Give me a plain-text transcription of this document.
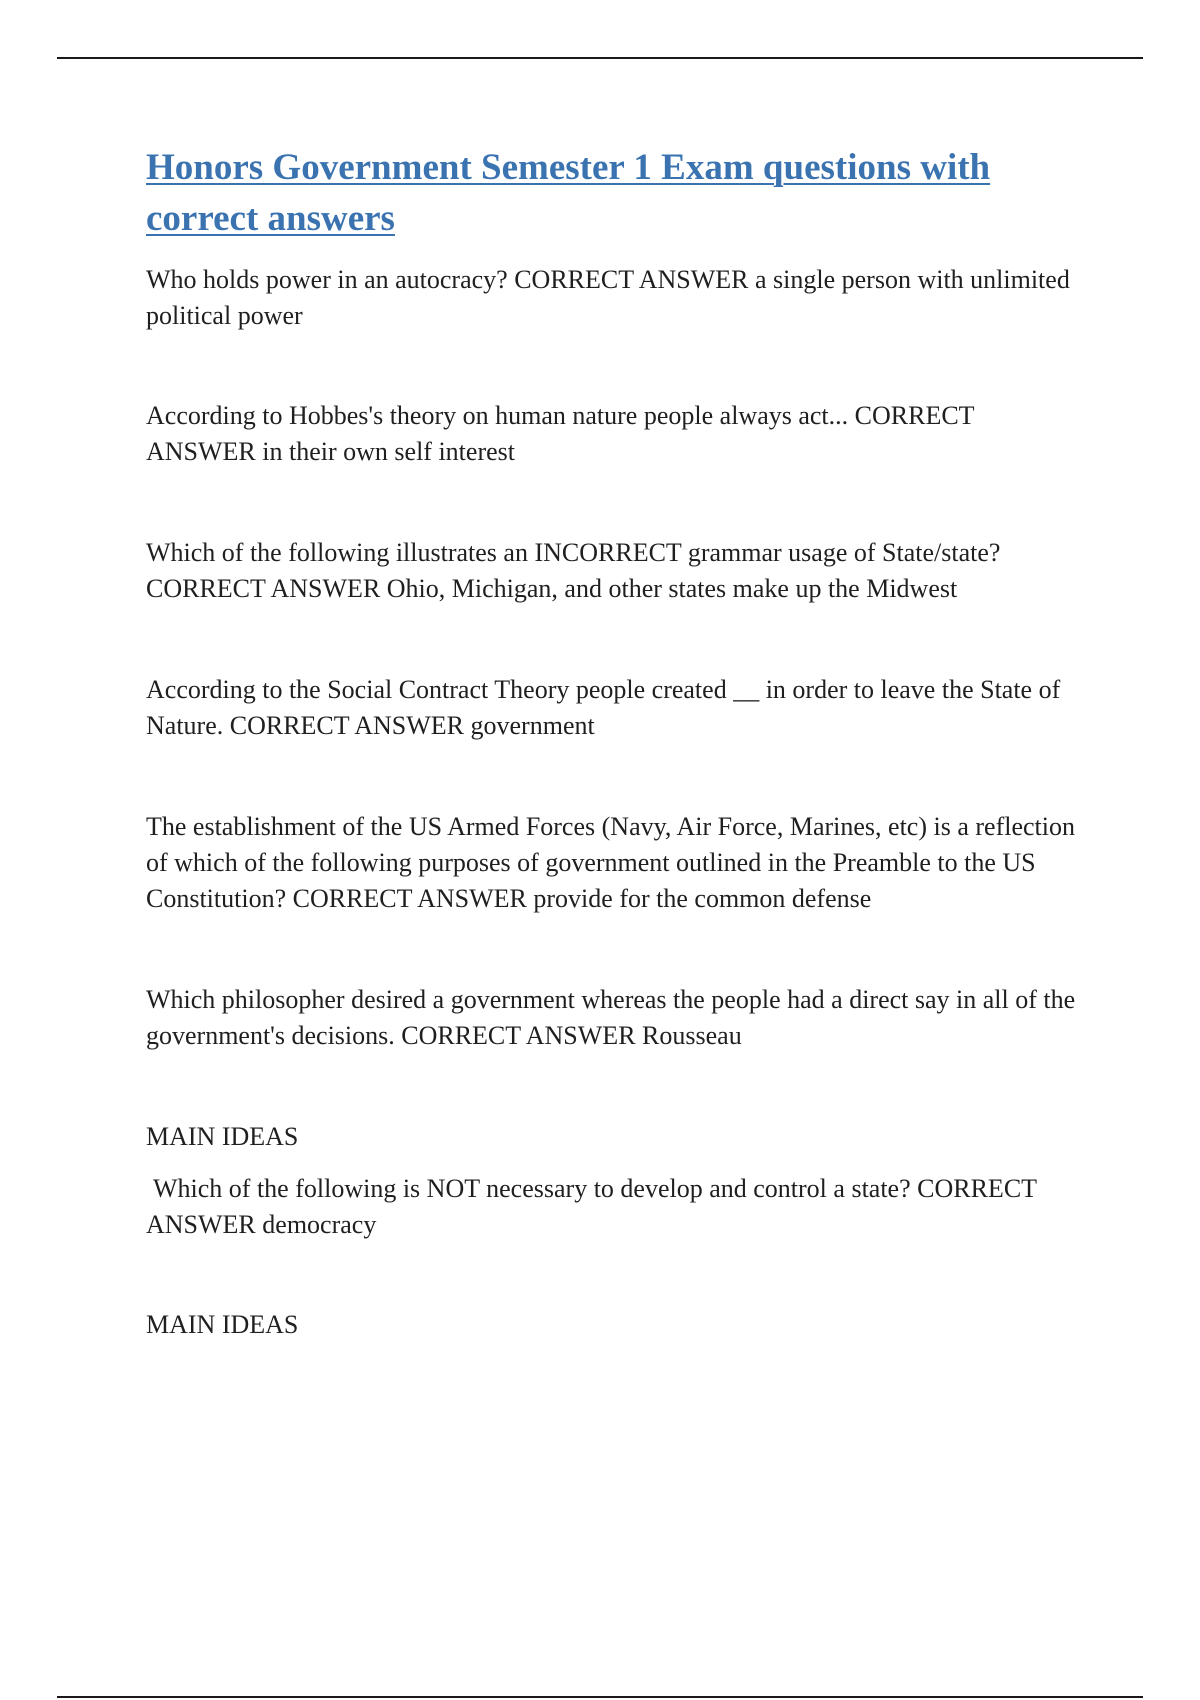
Honors Government Semester 1 Exam questions with correct answers

Who holds power in an autocracy? CORRECT ANSWER a single person with unlimited political power

According to Hobbes's theory on human nature people always act... CORRECT ANSWER in their own self interest

Which of the following illustrates an INCORRECT grammar usage of State/state? CORRECT ANSWER Ohio, Michigan, and other states make up the Midwest

According to the Social Contract Theory people created __ in order to leave the State of Nature. CORRECT ANSWER government

The establishment of the US Armed Forces (Navy, Air Force, Marines, etc) is a reflection of which of the following purposes of government outlined in the Preamble to the US Constitution? CORRECT ANSWER provide for the common defense

Which philosopher desired a government whereas the people had a direct say in all of the government's decisions. CORRECT ANSWER Rousseau

MAIN IDEAS

Which of the following is NOT necessary to develop and control a state? CORRECT ANSWER democracy

MAIN IDEAS
